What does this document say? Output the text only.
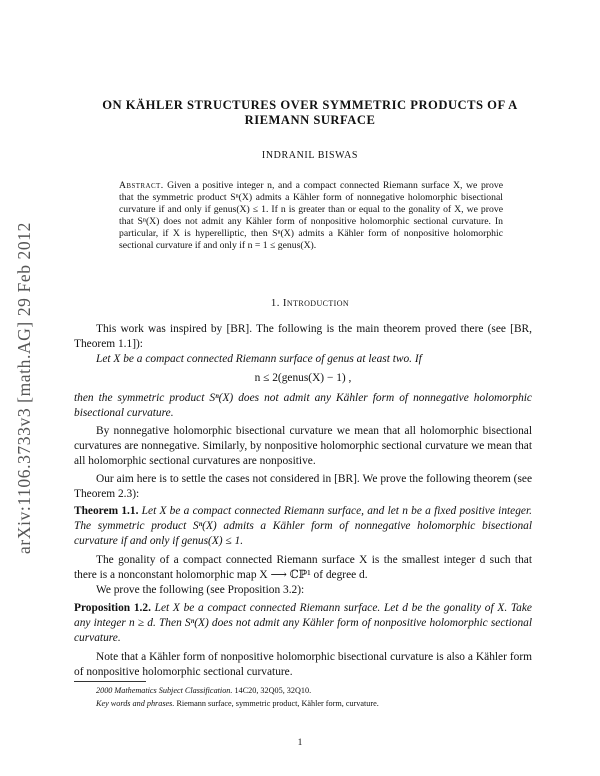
arXiv:1106.3733v3 [math.AG] 29 Feb 2012
ON KÄHLER STRUCTURES OVER SYMMETRIC PRODUCTS OF A
RIEMANN SURFACE
INDRANIL BISWAS
Abstract. Given a positive integer n, and a compact connected Riemann surface X, we prove that the symmetric product Sⁿ(X) admits a Kähler form of nonnegative holomorphic bisectional curvature if and only if genus(X) ≤ 1. If n is greater than or equal to the gonality of X, we prove that Sⁿ(X) does not admit any Kähler form of nonpositive holomorphic sectional curvature. In particular, if X is hyperelliptic, then Sⁿ(X) admits a Kähler form of nonpositive holomorphic sectional curvature if and only if n = 1 ≤ genus(X).
1. Introduction
This work was inspired by [BR]. The following is the main theorem proved there (see [BR, Theorem 1.1]):
Let X be a compact connected Riemann surface of genus at least two. If
n ≤ 2(genus(X) − 1) ,
then the symmetric product Sⁿ(X) does not admit any Kähler form of nonnegative holomorphic bisectional curvature.
By nonnegative holomorphic bisectional curvature we mean that all holomorphic bisectional curvatures are nonnegative. Similarly, by nonpositive holomorphic sectional curvature we mean that all holomorphic sectional curvatures are nonpositive.
Our aim here is to settle the cases not considered in [BR]. We prove the following theorem (see Theorem 2.3):
Theorem 1.1. Let X be a compact connected Riemann surface, and let n be a fixed positive integer. The symmetric product Sⁿ(X) admits a Kähler form of nonnegative holomorphic bisectional curvature if and only if genus(X) ≤ 1.
The gonality of a compact connected Riemann surface X is the smallest integer d such that there is a nonconstant holomorphic map X ⟶ ℂℙ¹ of degree d.
We prove the following (see Proposition 3.2):
Proposition 1.2. Let X be a compact connected Riemann surface. Let d be the gonality of X. Take any integer n ≥ d. Then Sⁿ(X) does not admit any Kähler form of nonpositive holomorphic sectional curvature.
Note that a Kähler form of nonpositive holomorphic bisectional curvature is also a Kähler form of nonpositive holomorphic sectional curvature.
2000 Mathematics Subject Classification. 14C20, 32Q05, 32Q10.
Key words and phrases. Riemann surface, symmetric product, Kähler form, curvature.
1
